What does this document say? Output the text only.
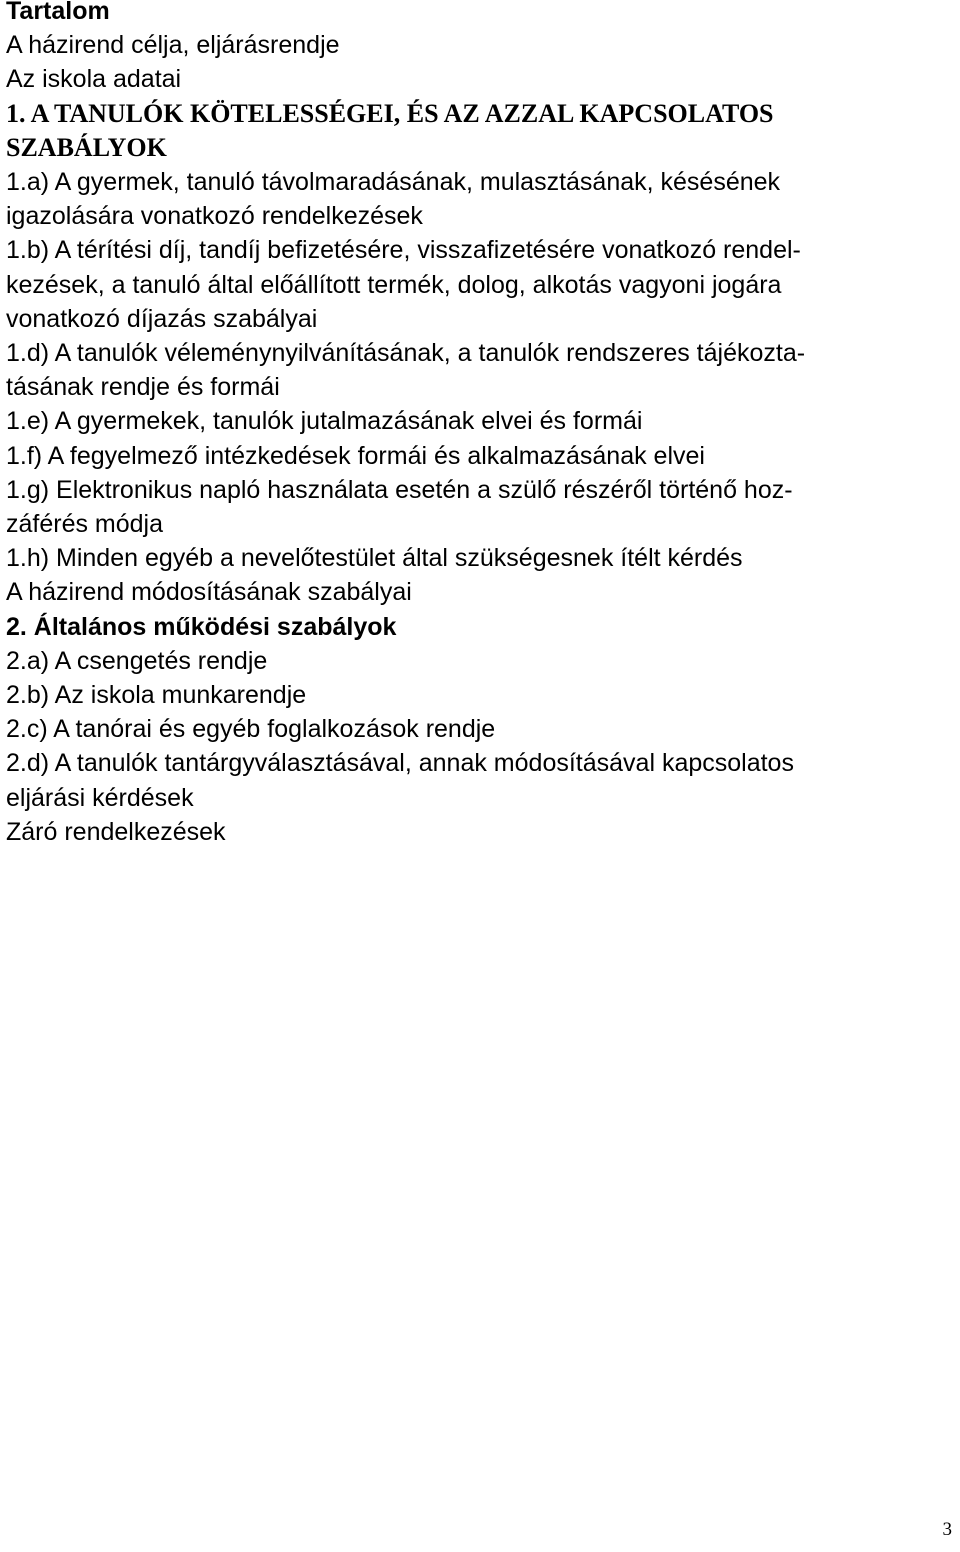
Tartalom
A házirend célja, eljárásrendje
Az iskola adatai
1. A TANULÓK KÖTELESSÉGEI, ÉS AZ AZZAL KAPCSOLATOS
SZABÁLYOK
1.a) A gyermek, tanuló távolmaradásának, mulasztásának, késésének
igazolására vonatkozó rendelkezések
1.b) A térítési díj, tandíj befizetésére, visszafizetésére vonatkozó rendel-
kezések, a tanuló által előállított termék, dolog, alkotás vagyoni jogára
vonatkozó díjazás szabályai
1.d) A tanulók véleménynyilvánításának, a tanulók rendszeres tájékozta-
tásának rendje és formái
1.e) A gyermekek, tanulók jutalmazásának elvei és formái
1.f) A fegyelmező intézkedések formái és alkalmazásának elvei
1.g) Elektronikus napló használata esetén a szülő részéről történő hoz-
záférés módja
1.h) Minden egyéb a nevelőtestület által szükségesnek ítélt kérdés
A házirend módosításának szabályai
2. Általános működési szabályok
2.a) A csengetés rendje
2.b) Az iskola munkarendje
2.c) A tanórai és egyéb foglalkozások rendje
2.d) A tanulók tantárgyválasztásával, annak módosításával kapcsolatos
eljárási kérdések
Záró rendelkezések
3
